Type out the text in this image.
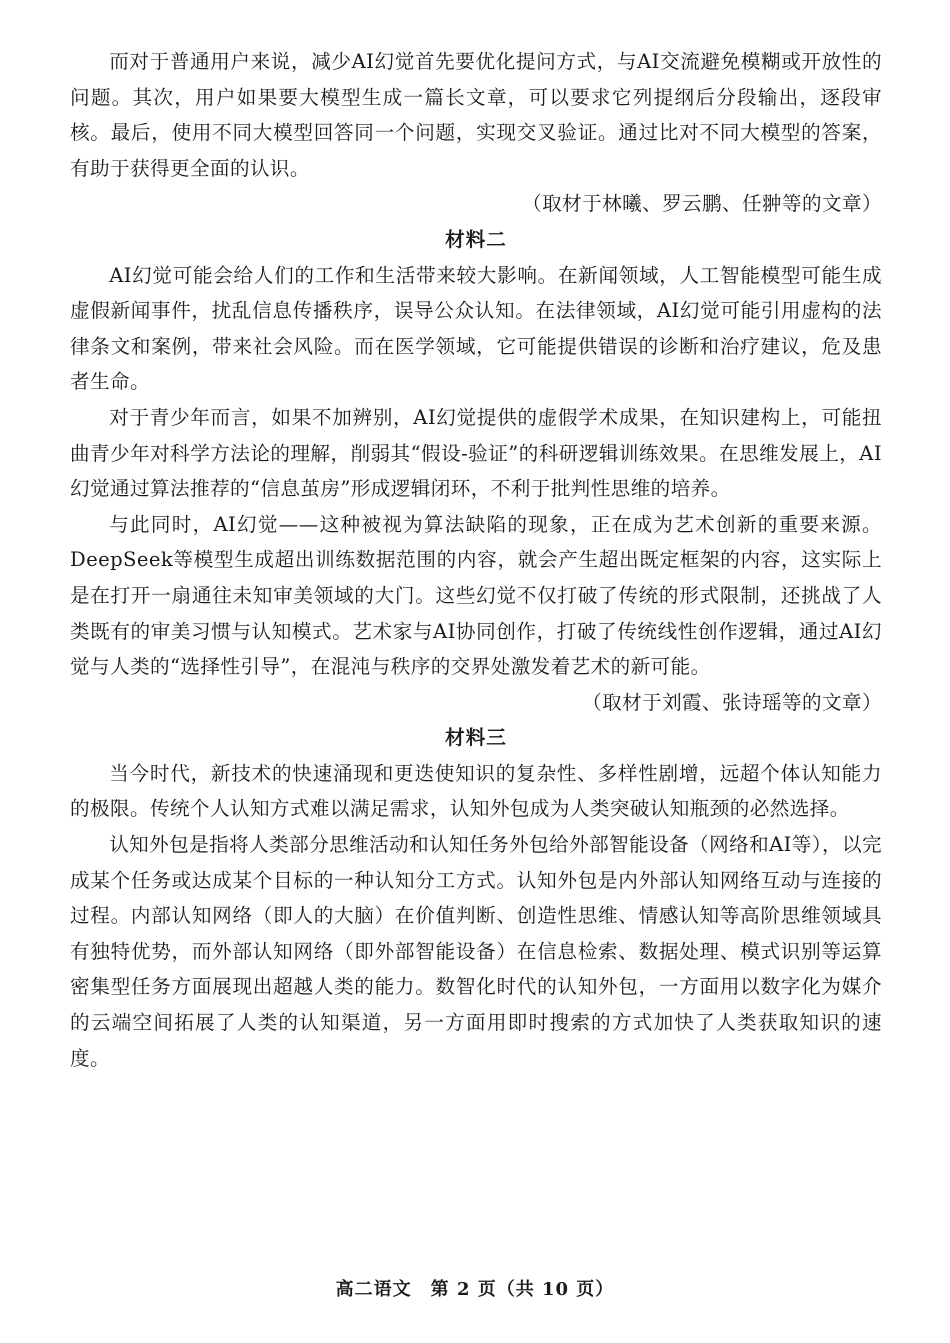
而对于普通用户来说，减少AI幻觉首先要优化提问方式，与AI交流避免模糊或开放性的问题。其次，用户如果要大模型生成一篇长文章，可以要求它列提纲后分段输出，逐段审核。最后，使用不同大模型回答同一个问题，实现交叉验证。通过比对不同大模型的答案，有助于获得更全面的认识。

（取材于林曦、罗云鹏、任翀等的文章）

材料二

AI幻觉可能会给人们的工作和生活带来较大影响。在新闻领域，人工智能模型可能生成虚假新闻事件，扰乱信息传播秩序，误导公众认知。在法律领域，AI幻觉可能引用虚构的法律条文和案例，带来社会风险。而在医学领域，它可能提供错误的诊断和治疗建议，危及患者生命。

对于青少年而言，如果不加辨别，AI幻觉提供的虚假学术成果，在知识建构上，可能扭曲青少年对科学方法论的理解，削弱其“假设-验证”的科研逻辑训练效果。在思维发展上，AI幻觉通过算法推荐的“信息茧房”形成逻辑闭环，不利于批判性思维的培养。

与此同时，AI幻觉——这种被视为算法缺陷的现象，正在成为艺术创新的重要来源。DeepSeek等模型生成超出训练数据范围的内容，就会产生超出既定框架的内容，这实际上是在打开一扇通往未知审美领域的大门。这些幻觉不仅打破了传统的形式限制，还挑战了人类既有的审美习惯与认知模式。艺术家与AI协同创作，打破了传统线性创作逻辑，通过AI幻觉与人类的“选择性引导”，在混沌与秩序的交界处激发着艺术的新可能。

（取材于刘霞、张诗瑶等的文章）

材料三

当今时代，新技术的快速涌现和更迭使知识的复杂性、多样性剧增，远超个体认知能力的极限。传统个人认知方式难以满足需求，认知外包成为人类突破认知瓶颈的必然选择。

认知外包是指将人类部分思维活动和认知任务外包给外部智能设备（网络和AI等），以完成某个任务或达成某个目标的一种认知分工方式。认知外包是内外部认知网络互动与连接的过程。内部认知网络（即人的大脑）在价值判断、创造性思维、情感认知等高阶思维领域具有独特优势，而外部认知网络（即外部智能设备）在信息检索、数据处理、模式识别等运算密集型任务方面展现出超越人类的能力。数智化时代的认知外包，一方面用以数字化为媒介的云端空间拓展了人类的认知渠道，另一方面用即时搜索的方式加快了人类获取知识的速度。

高二语文　第 2 页（共 10 页）
